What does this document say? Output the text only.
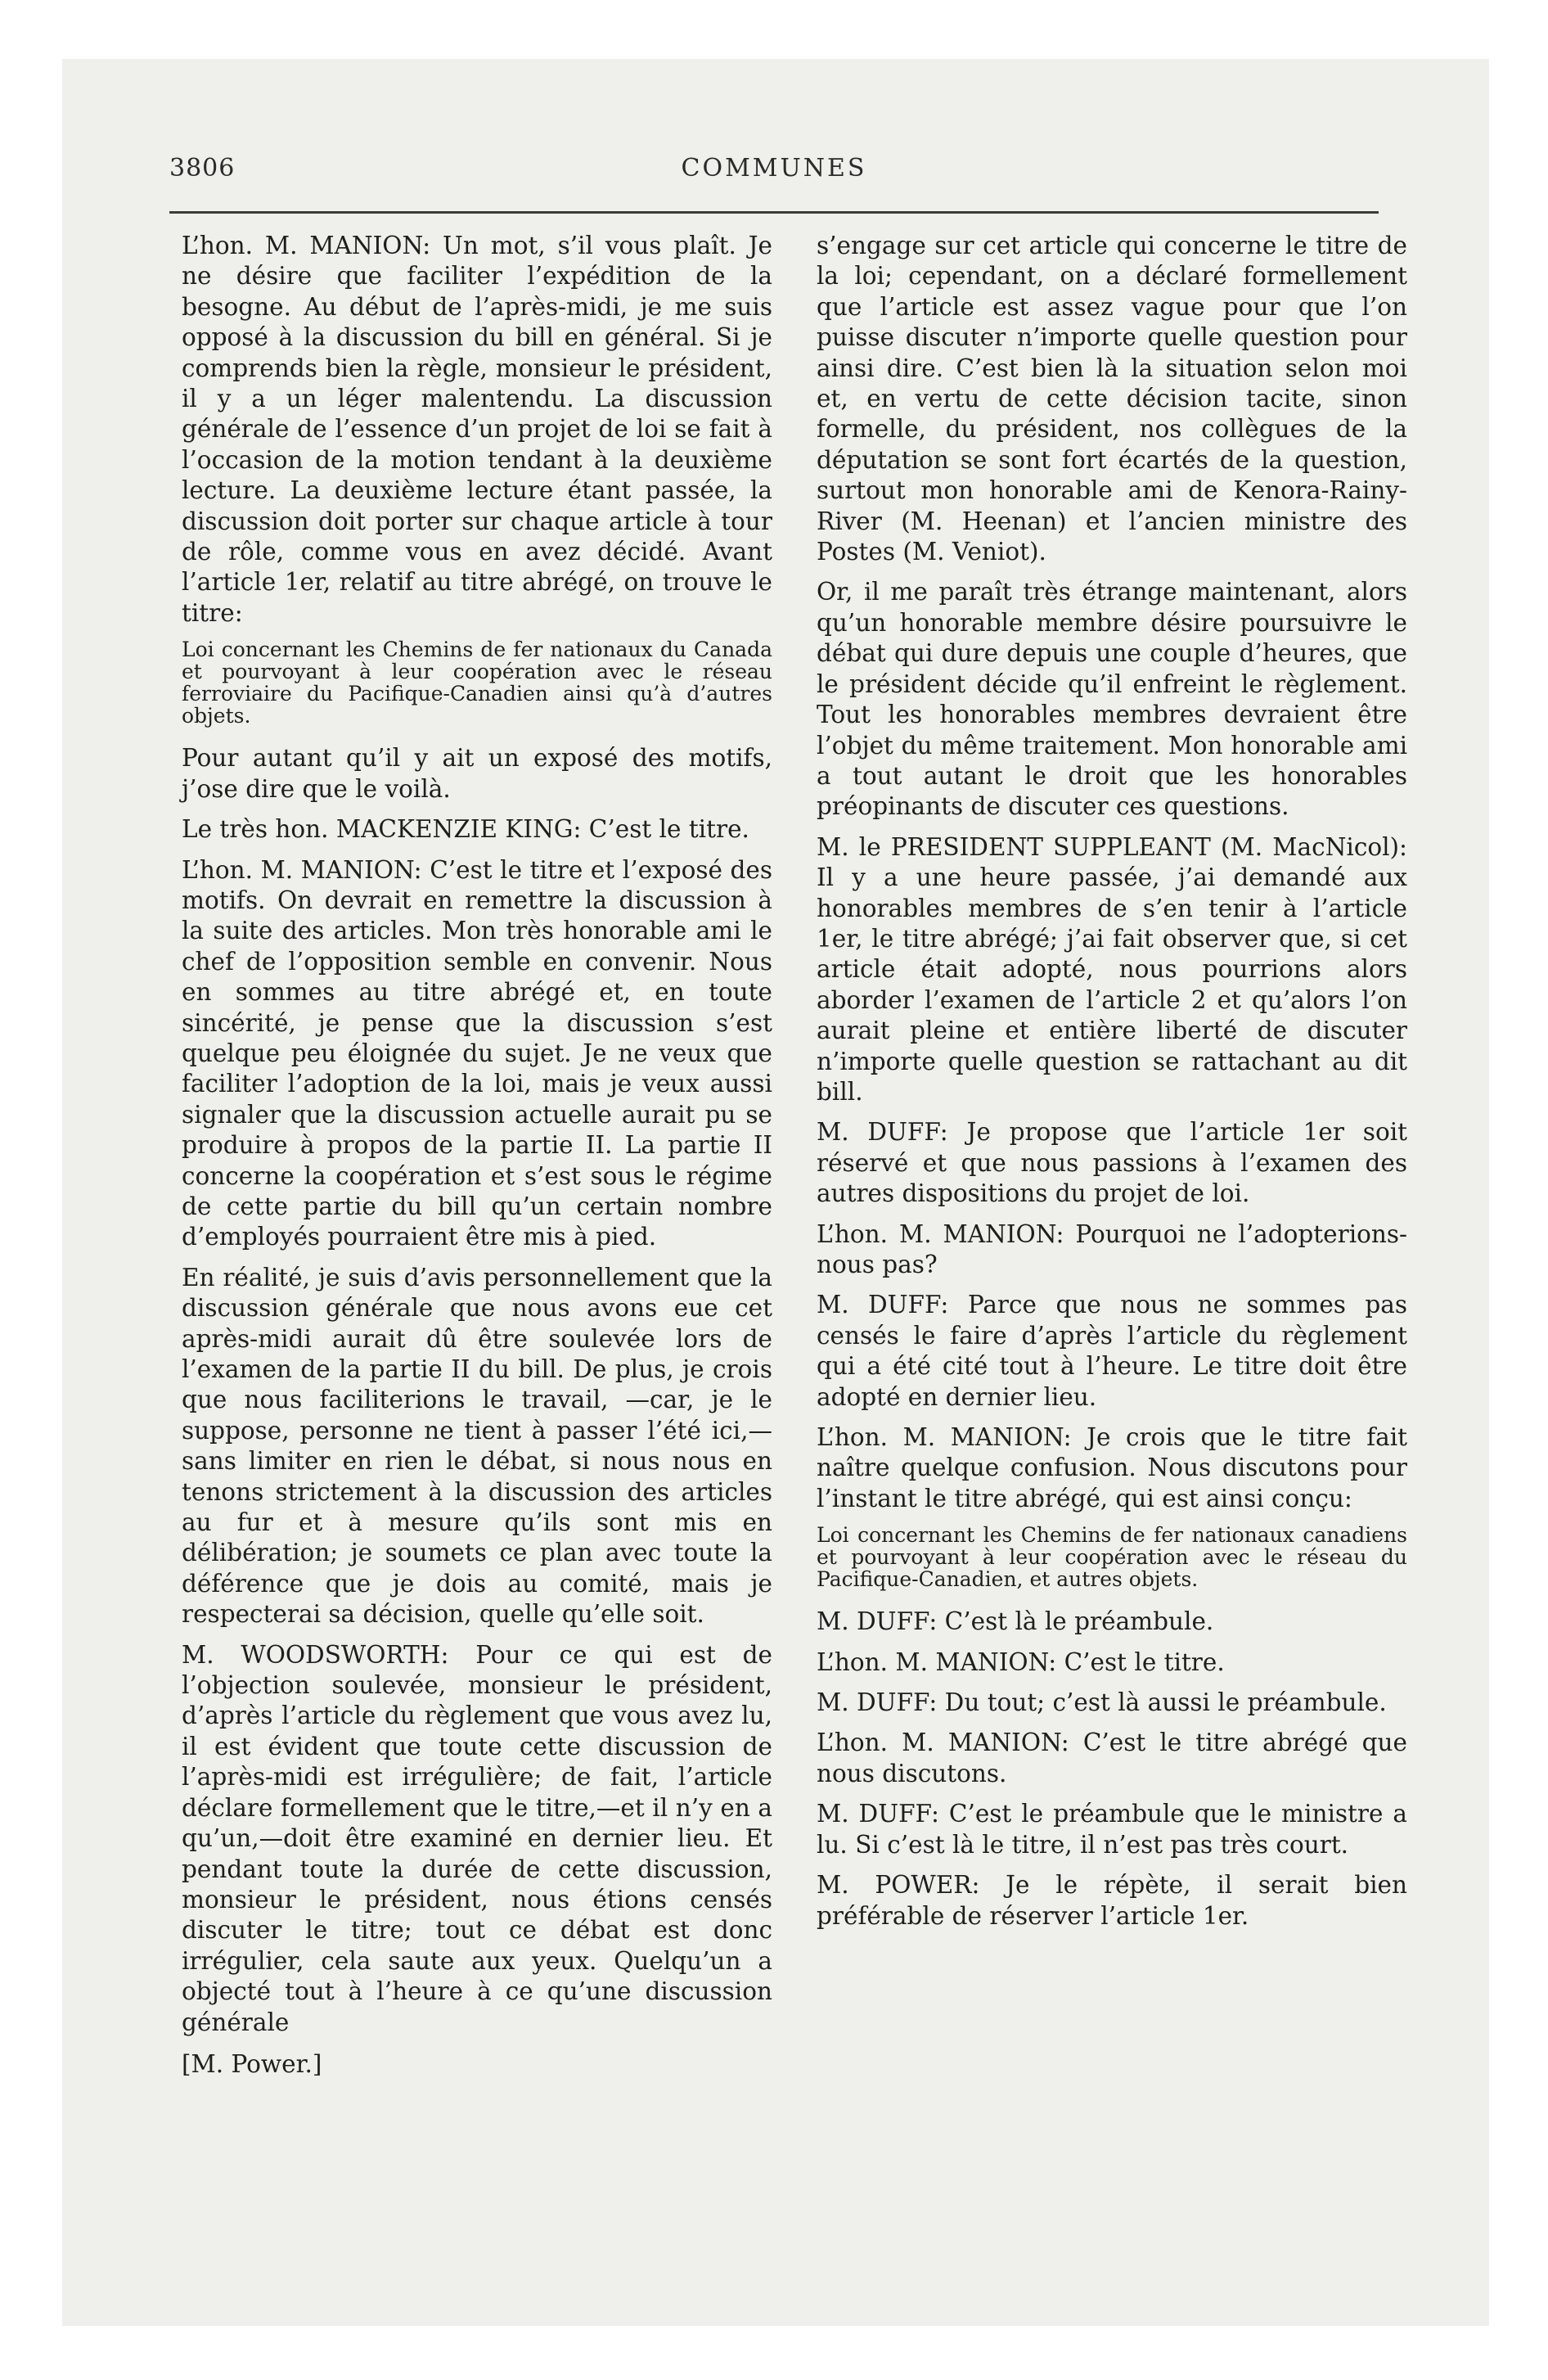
3806	COMMUNES

L’hon. M. MANION: Un mot, s’il vous plaît. Je ne désire que faciliter l’expédition de la besogne. Au début de l’après-midi, je me suis opposé à la discussion du bill en général. Si je comprends bien la règle, monsieur le président, il y a un léger malentendu. La discussion générale de l’essence d’un projet de loi se fait à l’occasion de la motion tendant à la deuxième lecture. La deuxième lecture étant passée, la discussion doit porter sur chaque article à tour de rôle, comme vous en avez décidé. Avant l’article 1er, relatif au titre abrégé, on trouve le titre:

Loi concernant les Chemins de fer nationaux du Canada et pourvoyant à leur coopération avec le réseau ferroviaire du Pacifique-Canadien ainsi qu’à d’autres objets.

Pour autant qu’il y ait un exposé des motifs, j’ose dire que le voilà.

Le très hon. MACKENZIE KING: C’est le titre.

L’hon. M. MANION: C’est le titre et l’exposé des motifs. On devrait en remettre la discussion à la suite des articles. Mon très honorable ami le chef de l’opposition semble en convenir. Nous en sommes au titre abrégé et, en toute sincérité, je pense que la discussion s’est quelque peu éloignée du sujet. Je ne veux que faciliter l’adoption de la loi, mais je veux aussi signaler que la discussion actuelle aurait pu se produire à propos de la partie II. La partie II concerne la coopération et s’est sous le régime de cette partie du bill qu’un certain nombre d’employés pourraient être mis à pied.

En réalité, je suis d’avis personnellement que la discussion générale que nous avons eue cet après-midi aurait dû être soulevée lors de l’examen de la partie II du bill. De plus, je crois que nous faciliterions le travail, —car, je le suppose, personne ne tient à passer l’été ici,—sans limiter en rien le débat, si nous nous en tenons strictement à la discussion des articles au fur et à mesure qu’ils sont mis en délibération; je soumets ce plan avec toute la déférence que je dois au comité, mais je respecterai sa décision, quelle qu’elle soit.

M. WOODSWORTH: Pour ce qui est de l’objection soulevée, monsieur le président, d’après l’article du règlement que vous avez lu, il est évident que toute cette discussion de l’après-midi est irrégulière; de fait, l’article déclare formellement que le titre,—et il n’y en a qu’un,—doit être examiné en dernier lieu. Et pendant toute la durée de cette discussion, monsieur le président, nous étions censés discuter le titre; tout ce débat est donc irrégulier, cela saute aux yeux. Quelqu’un a objecté tout à l’heure à ce qu’une discussion générale

[M. Power.]

s’engage sur cet article qui concerne le titre de la loi; cependant, on a déclaré formellement que l’article est assez vague pour que l’on puisse discuter n’importe quelle question pour ainsi dire. C’est bien là la situation selon moi et, en vertu de cette décision tacite, sinon formelle, du président, nos collègues de la députation se sont fort écartés de la question, surtout mon honorable ami de Kenora-Rainy-River (M. Heenan) et l’ancien ministre des Postes (M. Veniot).

Or, il me paraît très étrange maintenant, alors qu’un honorable membre désire poursuivre le débat qui dure depuis une couple d’heures, que le président décide qu’il enfreint le règlement. Tout les honorables membres devraient être l’objet du même traitement. Mon honorable ami a tout autant le droit que les honorables préopinants de discuter ces questions.

M. le PRESIDENT SUPPLEANT (M. MacNicol): Il y a une heure passée, j’ai demandé aux honorables membres de s’en tenir à l’article 1er, le titre abrégé; j’ai fait observer que, si cet article était adopté, nous pourrions alors aborder l’examen de l’article 2 et qu’alors l’on aurait pleine et entière liberté de discuter n’importe quelle question se rattachant au dit bill.

M. DUFF: Je propose que l’article 1er soit réservé et que nous passions à l’examen des autres dispositions du projet de loi.

L’hon. M. MANION: Pourquoi ne l’adopterions-nous pas?

M. DUFF: Parce que nous ne sommes pas censés le faire d’après l’article du règlement qui a été cité tout à l’heure. Le titre doit être adopté en dernier lieu.

L’hon. M. MANION: Je crois que le titre fait naître quelque confusion. Nous discutons pour l’instant le titre abrégé, qui est ainsi conçu:

Loi concernant les Chemins de fer nationaux canadiens et pourvoyant à leur coopération avec le réseau du Pacifique-Canadien, et autres objets.

M. DUFF: C’est là le préambule.

L’hon. M. MANION: C’est le titre.

M. DUFF: Du tout; c’est là aussi le préambule.

L’hon. M. MANION: C’est le titre abrégé que nous discutons.

M. DUFF: C’est le préambule que le ministre a lu. Si c’est là le titre, il n’est pas très court.

M. POWER: Je le répète, il serait bien préférable de réserver l’article 1er.
